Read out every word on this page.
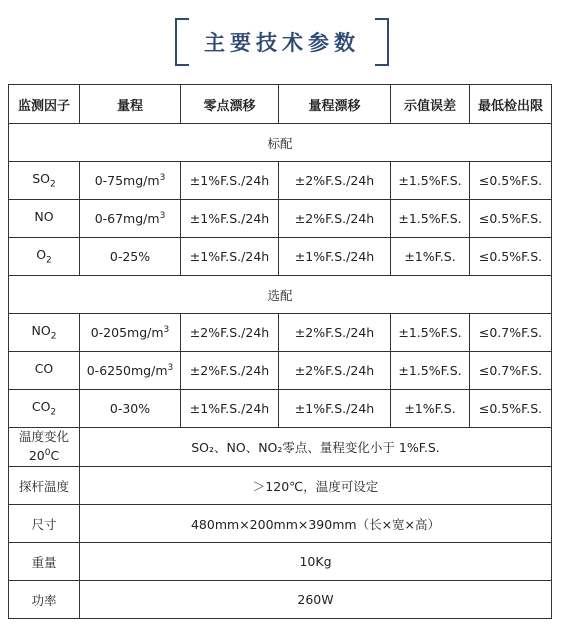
主要技术参数
监测因子	量程	零点漂移	量程漂移	示值误差	最低检出限
标配					
$SO_2$	$0-75mg/m^3$	±1%F.S./24h	±2%F.S./24h	±1.5%F.S.	≤0.5%F.S.
NO	$0-67mg/m^3$	±1%F.S./24h	±2%F.S./24h	±1.5%F.S.	≤0.5%F.S.
$O_2$	0-25%	±1%F.S./24h	±1%F.S./24h	±1%F.S.	≤0.5%F.S.
选配					
$NO_2$	$0-205mg/m^3$	±2%F.S./24h	±2%F.S./24h	±1.5%F.S.	≤0.7%F.S.
CO	$0-6250mg/m^3$	±2%F.S./24h	±2%F.S./24h	±1.5%F.S.	≤0.7%F.S.
$CO_2$	0-30%	±1%F.S./24h	±1%F.S./24h	±1%F.S.	≤0.5%F.S.
温度变化
$20^0C$	SO₂、NO、NO₂零点、量程变化小于 1%F.S.				
探杆温度	＞120℃，温度可设定				
尺寸	480mm×200mm×390mm（长×宽×高）				
重量	10Kg				
功率	260W				
